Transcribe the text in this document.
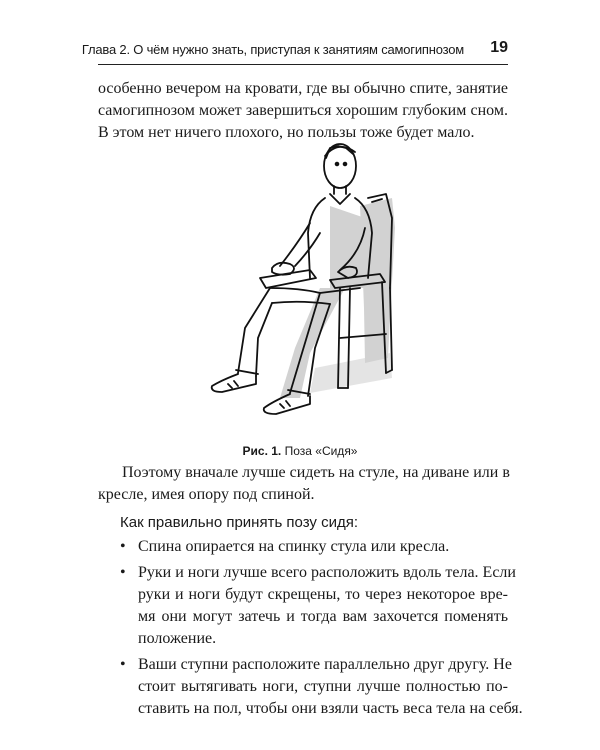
Глава 2. О чём нужно знать, приступая к занятиям самогипнозом 19

особенно вечером на кровати, где вы обычно спите, занятие
самогипнозом может завершиться хорошим глубоким сном.
В этом нет ничего плохого, но пользы тоже будет мало.

Рис. 1. Поза «Сидя»

Поэтому вначале лучше сидеть на стуле, на диване или в
кресле, имея опору под спиной.

Как правильно принять позу сидя:
• Спина опирается на спинку стула или кресла.
• Руки и ноги лучше всего расположить вдоль тела. Если
руки и ноги будут скрещены, то через некоторое вре-
мя они могут затечь и тогда вам захочется поменять
положение.
• Ваши ступни расположите параллельно друг другу. Не
стоит вытягивать ноги, ступни лучше полностью по-
ставить на пол, чтобы они взяли часть веса тела на себя.
